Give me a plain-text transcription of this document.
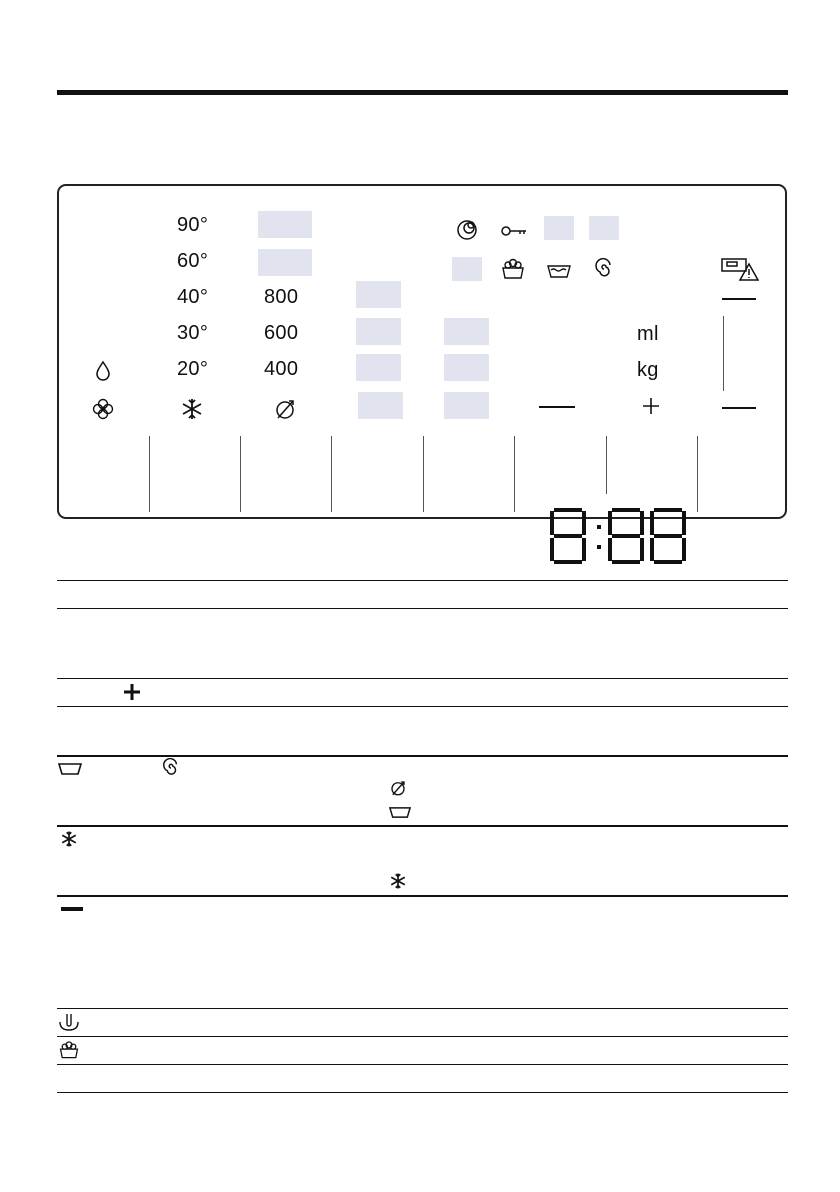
90°
60°
40°
30°
20°
800
600
400
ml
kg
